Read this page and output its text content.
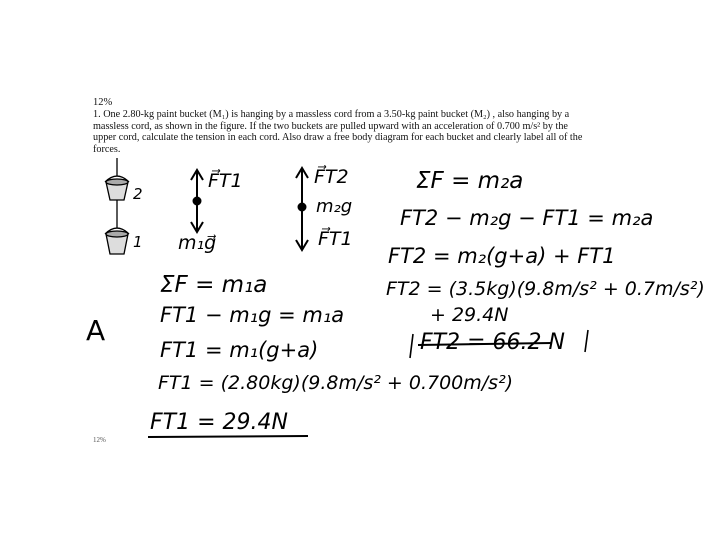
12%
1. One 2.80-kg paint bucket (M₁) is hanging by a massless cord from a 3.50-kg paint bucket (M₂) , also hanging by a massless cord, as shown in the figure. If the two buckets are pulled upward with an acceleration of 0.700 m/s² by the upper cord, calculate the tension in each cord. Also draw a free body diagram for each bucket and clearly label all of the forces.
2
1
F⃗T1
m₁g⃗
F⃗T2
m₂g
F⃗T1
ΣF = m₂a
FT2 − m₂g − FT1 = m₂a
FT2 = m₂(g+a) + FT1
FT2 = (3.5kg)(9.8m/s² + 0.7m/s²)
+ 29.4N
FT2 = 66.2 N
A
ΣF = m₁a
FT1 − m₁g = m₁a
FT1 = m₁(g+a)
FT1 = (2.80kg)(9.8m/s² + 0.700m/s²)
FT1 = 29.4N
12%
